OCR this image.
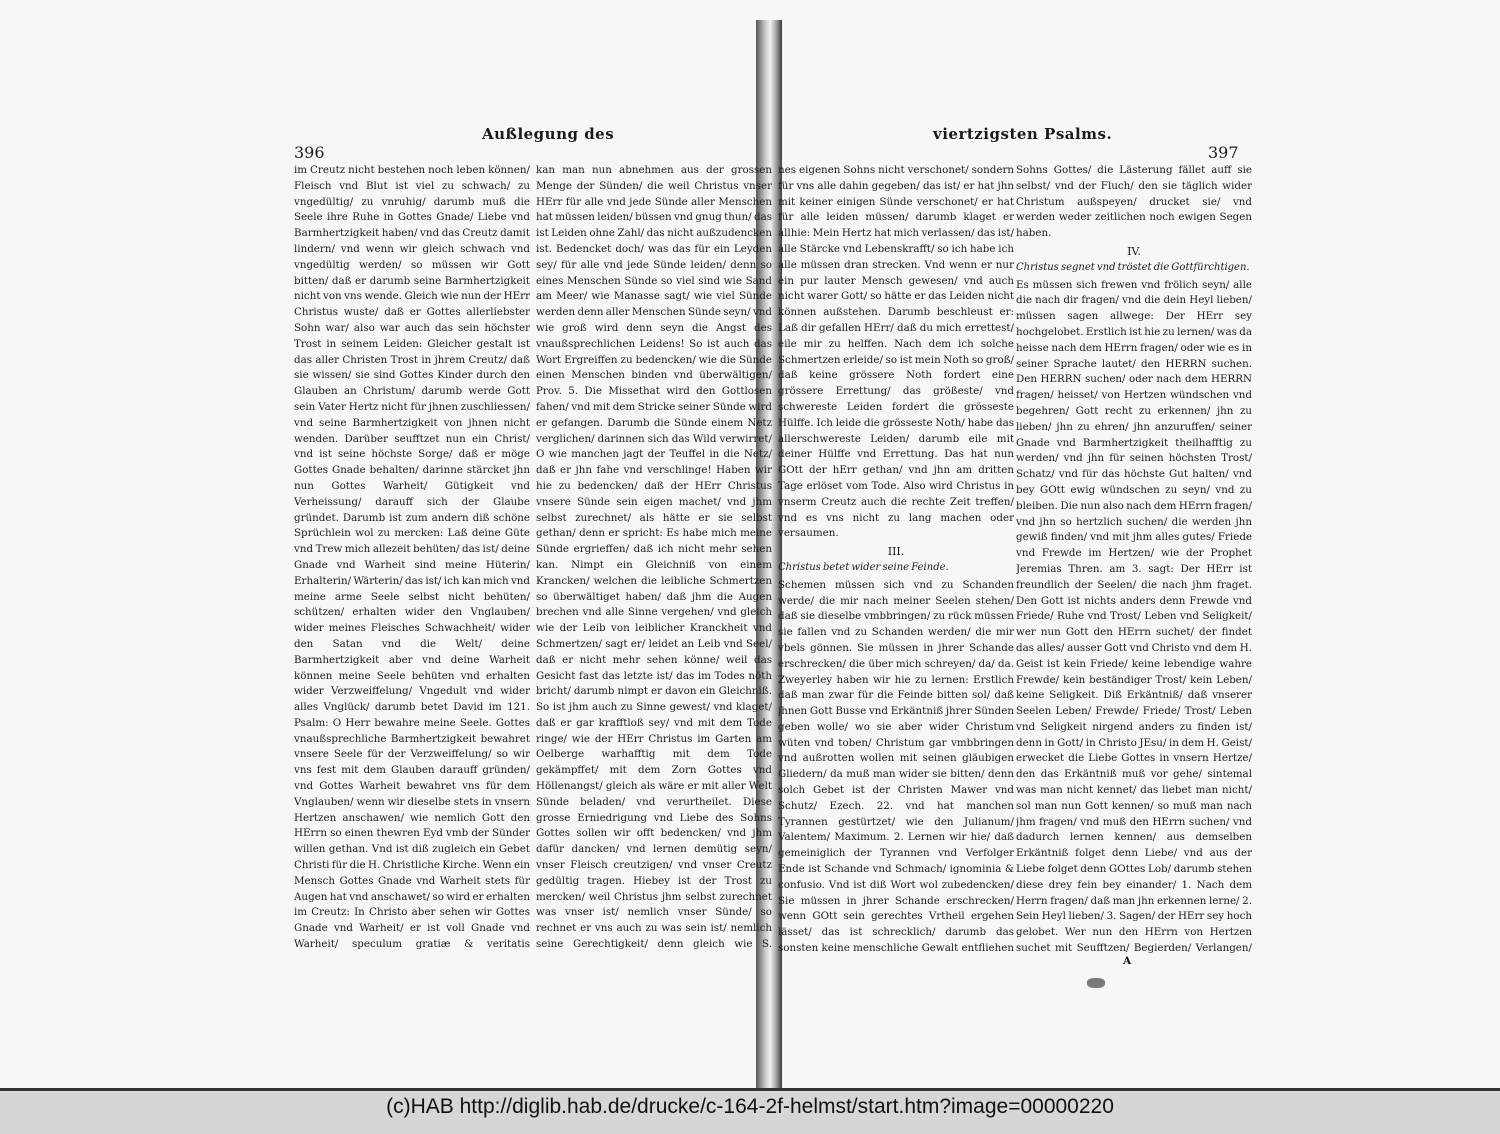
396
Außlegung des

im Creutz nicht bestehen noch leben können/ Fleisch vnd Blut ist viel zu schwach/ zu vngedültig/ zu vnruhig/ darumb muß die Seele ihre Ruhe in Gottes Gnade/ Liebe vnd Barmhertzigkeit haben/ vnd das Creutz damit lindern/ vnd wenn wir gleich schwach vnd vngedültig werden/ so müssen wir Gott bitten/ daß er darumb seine Barmhertzigkeit nicht von vns wende. Gleich wie nun der HErr Christus wuste/ daß er Gottes allerliebster Sohn war/ also war auch das sein höchster Trost in seinem Leiden: Gleicher gestalt ist das aller Christen Trost in jhrem Creutz/ daß sie wissen/ sie sind Gottes Kinder durch den Glauben an Christum/ darumb werde Gott sein Vater Hertz nicht für jhnen zuschliessen/ vnd seine Barmhertzigkeit von jhnen nicht wenden. Darüber seufftzet nun ein Christ/ vnd ist seine höchste Sorge/ daß er möge Gottes Gnade behalten/ darinne stärcket jhn nun Gottes Warheit/ Gütigkeit vnd Verheissung/ darauff sich der Glaube gründet. Darumb ist zum andern diß schöne Sprüchlein wol zu mercken: Laß deine Güte vnd Trew mich allezeit behüten/ das ist/ deine Gnade vnd Warheit sind meine Hüterin/ Erhalterin/ Wärterin/ das ist/ ich kan mich vnd meine arme Seele selbst nicht behüten/ schützen/ erhalten wider den Vnglauben/ wider meines Fleisches Schwachheit/ wider den Satan vnd die Welt/ deine Barmhertzigkeit aber vnd deine Warheit können meine Seele behüten vnd erhalten wider Verzweiffelung/ Vngedult vnd wider alles Vnglück/ darumb betet David im 121. Psalm: O Herr bewahre meine Seele. Gottes vnaußsprechliche Barmhertzigkeit bewahret vnsere Seele für der Verzweiffelung/ so wir vns fest mit dem Glauben darauff gründen/ vnd Gottes Warheit bewahret vns für dem Vnglauben/ wenn wir dieselbe stets in vnsern Hertzen anschawen/ wie nemlich Gott den HErrn so einen thewren Eyd vmb der Sünder willen gethan. Vnd ist diß zugleich ein Gebet Christi für die H. Christliche Kirche. Wenn ein Mensch Gottes Gnade vnd Warheit stets für Augen hat vnd anschawet/ so wird er erhalten im Creutz: In Christo aber sehen wir Gottes Gnade vnd Warheit/ er ist voll Gnade vnd Warheit/ speculum gratiæ & veritatis

kan man nun abnehmen aus der grossen Menge der Sünden/ die weil Christus vnser HErr für alle vnd jede Sünde aller Menschen hat müssen leiden/ büssen vnd gnug thun/ das ist Leiden ohne Zahl/ das nicht außzudencken ist. Bedencket doch/ was das für ein Leyden sey/ für alle vnd jede Sünde leiden/ denn so eines Menschen Sünde so viel sind wie Sand am Meer/ wie Manasse sagt/ wie viel Sünde werden denn aller Menschen Sünde seyn/ vnd wie groß wird denn seyn die Angst des vnaußsprechlichen Leidens! So ist auch das Wort Ergreiffen zu bedencken/ wie die Sünde einen Menschen binden vnd überwältigen/ Prov. 5. Die Missethat wird den Gottlosen fahen/ vnd mit dem Stricke seiner Sünde wird er gefangen. Darumb die Sünde einem Netz verglichen/ darinnen sich das Wild verwirret/ O wie manchen jagt der Teuffel in die Netz/ daß er jhn fahe vnd verschlinge! Haben wir hie zu bedencken/ daß der HErr Christus vnsere Sünde sein eigen machet/ vnd jhm selbst zurechnet/ als hätte er sie selbst gethan/ denn er spricht: Es habe mich meine Sünde ergrieffen/ daß ich nicht mehr sehen kan. Nimpt ein Gleichniß von einem Krancken/ welchen die leibliche Schmertzen so überwältiget haben/ daß jhm die Augen brechen vnd alle Sinne vergehen/ vnd gleich wie der Leib von leiblicher Kranckheit vnd Schmertzen/ sagt er/ leidet an Leib vnd Seel/ daß er nicht mehr sehen könne/ weil das Gesicht fast das letzte ist/ das im Todes nöth bricht/ darumb nimpt er davon ein Gleichniß. So ist jhm auch zu Sinne gewest/ vnd klaget/ daß er gar krafftloß sey/ vnd mit dem Tode ringe/ wie der HErr Christus im Garten am Oelberge warhafftig mit dem Tode gekämpffet/ mit dem Zorn Gottes vnd Höllenangst/ gleich als wäre er mit aller Welt Sünde beladen/ vnd verurtheilet. Diese grosse Erniedrigung vnd Liebe des Sohns Gottes sollen wir offt bedencken/ vnd jhm dafür dancken/ vnd lernen demütig seyn/ vnser Fleisch creutzigen/ vnd vnser Creutz gedültig tragen. Hiebey ist der Trost zu mercken/ weil Christus jhm selbst zurechnet was vnser ist/ nemlich vnser Sünde/ so rechnet er vns auch zu was sein ist/ nemlich seine Gerechtigkeit/ denn gleich wie S.

viertzigsten Psalms.
397

nes eigenen Sohns nicht verschonet/ sondern für vns alle dahin gegeben/ das ist/ er hat jhn mit keiner einigen Sünde verschonet/ er hat für alle leiden müssen/ darumb klaget er allhie: Mein Hertz hat mich verlassen/ das ist/ alle Stärcke vnd Lebenskrafft/ so ich habe ich alle müssen dran strecken. Vnd wenn er nur ein pur lauter Mensch gewesen/ vnd auch nicht warer Gott/ so hätte er das Leiden nicht können außstehen. Darumb beschleust er: Laß dir gefallen HErr/ daß du mich errettest/ eile mir zu helffen. Nach dem ich solche Schmertzen erleide/ so ist mein Noth so groß/ daß keine grössere Noth fordert eine grössere Errettung/ das größeste/ vnd schwereste Leiden fordert die grösseste Hülffe. Ich leide die grösseste Noth/ habe das allerschwereste Leiden/ darumb eile mit deiner Hülffe vnd Errettung. Das hat nun GOtt der hErr gethan/ vnd jhn am dritten Tage erlöset vom Tode. Also wird Christus in vnserm Creutz auch die rechte Zeit treffen/ vnd es vns nicht zu lang machen oder versaumen.

III.
Christus betet wider seine Feinde.

Schemen müssen sich vnd zu Schanden werde/ die mir nach meiner Seelen stehen/ daß sie dieselbe vmbbringen/ zu rück müssen sie fallen vnd zu Schanden werden/ die mir vbels gönnen. Sie müssen in jhrer Schande erschrecken/ die über mich schreyen/ da/ da. Zweyerley haben wir hie zu lernen: Erstlich daß man zwar für die Feinde bitten sol/ daß jhnen Gott Busse vnd Erkäntniß jhrer Sünden geben wolle/ wo sie aber wider Christum wüten vnd toben/ Christum gar vmbbringen vnd außrotten wollen mit seinen gläubigen Gliedern/ da muß man wider sie bitten/ denn solch Gebet ist der Christen Mawer vnd Schutz/ Ezech. 22. vnd hat manchen Tyrannen gestürtzet/ wie den Julianum/ Valentem/ Maximum. 2. Lernen wir hie/ daß gemeiniglich der Tyrannen vnd Verfolger Ende ist Schande vnd Schmach/ ignominia & confusio. Vnd ist diß Wort wol zubedencken/ Sie müssen in jhrer Schande erschrecken/ wenn GOtt sein gerechtes Vrtheil ergehen lässet/ das ist schrecklich/ darumb das sonsten keine menschliche Gewalt entfliehen

Sohns Gottes/ die Lästerung fället auff sie selbst/ vnd der Fluch/ den sie täglich wider Christum außspeyen/ drucket sie/ vnd werden weder zeitlichen noch ewigen Segen haben.

IV.
Christus segnet vnd tröstet die Gottfürchtigen.

Es müssen sich frewen vnd frölich seyn/ alle die nach dir fragen/ vnd die dein Heyl lieben/ müssen sagen allwege: Der HErr sey hochgelobet. Erstlich ist hie zu lernen/ was da heisse nach dem HErrn fragen/ oder wie es in seiner Sprache lautet/ den HERRN suchen. Den HERRN suchen/ oder nach dem HERRN fragen/ heisset/ von Hertzen wündschen vnd begehren/ Gott recht zu erkennen/ jhn zu lieben/ jhn zu ehren/ jhn anzuruffen/ seiner Gnade vnd Barmhertzigkeit theilhafftig zu werden/ vnd jhn für seinen höchsten Trost/ Schatz/ vnd für das höchste Gut halten/ vnd bey GOtt ewig wündschen zu seyn/ vnd zu bleiben. Die nun also nach dem HErrn fragen/ vnd jhn so hertzlich suchen/ die werden jhn gewiß finden/ vnd mit jhm alles gutes/ Friede vnd Frewde im Hertzen/ wie der Prophet Jeremias Thren. am 3. sagt: Der HErr ist freundlich der Seelen/ die nach jhm fraget. Den Gott ist nichts anders denn Frewde vnd Friede/ Ruhe vnd Trost/ Leben vnd Seligkeit/ wer nun Gott den HErrn suchet/ der findet das alles/ ausser Gott vnd Christo vnd dem H. Geist ist kein Friede/ keine lebendige wahre Frewde/ kein beständiger Trost/ kein Leben/ keine Seligkeit. Diß Erkäntniß/ daß vnserer Seelen Leben/ Frewde/ Friede/ Trost/ Leben vnd Seligkeit nirgend anders zu finden ist/ denn in Gott/ in Christo JEsu/ in dem H. Geist/ erwecket die Liebe Gottes in vnsern Hertze/ den das Erkäntniß muß vor gehe/ sintemal was man nicht kennet/ das liebet man nicht/ sol man nun Gott kennen/ so muß man nach jhm fragen/ vnd muß den HErrn suchen/ vnd dadurch lernen kennen/ aus demselben Erkäntniß folget denn Liebe/ vnd aus der Liebe folget denn GOttes Lob/ darumb stehen diese drey fein bey einander/ 1. Nach dem Herrn fragen/ daß man jhn erkennen lerne/ 2. Sein Heyl lieben/ 3. Sagen/ der HErr sey hoch gelobet. Wer nun den HErrn von Hertzen suchet mit Seufftzen/ Begierden/ Verlangen/

A
(c)HAB http://diglib.hab.de/drucke/c-164-2f-helmst/start.htm?image=00000220
